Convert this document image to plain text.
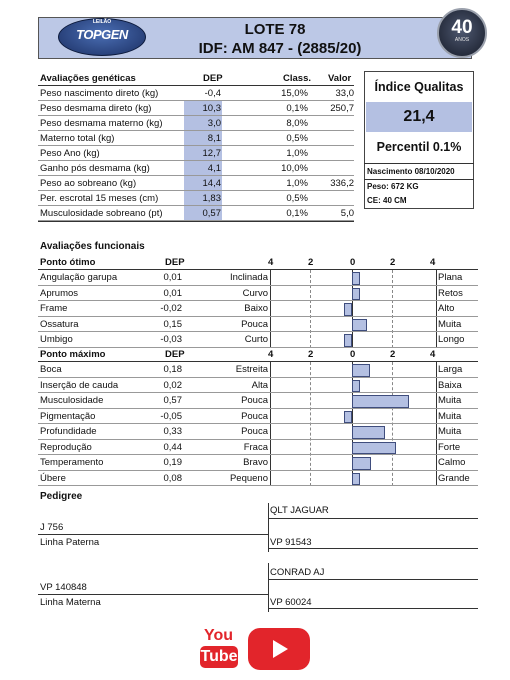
LEILÃO
TOPGEN	LOTE 78
IDF: AM 847 - (2885/20)
40
ANOS
Avaliações genéticas	DEP	Class. Valor
Peso nascimento direto (kg)	-0,4	15,0%	33,0
Peso desmama direto (kg)	10,3	0,1% 250,7
Peso desmama materno (kg)	3,0	8,0%
Materno total (kg)	8,1	0,5%
Peso Ano (kg)	12,7	1,0%
Ganho pós desmama (kg)	4,1	10,0%
Peso ao sobreano (kg)	14,4	1,0% 336,2
Per. escrotal 15 meses (cm)	1,83	0,5%
Musculosidade sobreano (pt)	0,57	0,1%	5,0
Índice Qualitas
21,4
Percentil 0.1%
Nascimento 08/10/2020
Peso: 672 KG
CE: 40 CM
Avaliações funcionais
Ponto ótimo	DEP	4	2	0	2	4
Angulação garupa	0,01	Inclinada	Plana
Aprumos	0,01	Curvo	Retos
Frame	-0,02	Baixo	Alto
Ossatura	0,15	Pouca	Muita
Umbigo	-0,03	Curto	Longo
Ponto máximo	DEP	4	2	0	2	4
Boca	0,18	Estreita	Larga
Inserção de cauda	0,02	Alta	Baixa
Musculosidade	0,57	Pouca	Muita
Pigmentação	-0,05	Pouca	Muita
Profundidade	0,33	Pouca	Muita
Reprodução	0,44	Fraca	Forte
Temperamento	0,19	Bravo	Calmo
Úbere	0,08	Pequeno	Grande
Pedigree
QLT JAGUAR
J 756
Linha Paterna	VP 91543
CONRAD AJ
VP 140848
Linha Materna	VP 60024
You
Tube
